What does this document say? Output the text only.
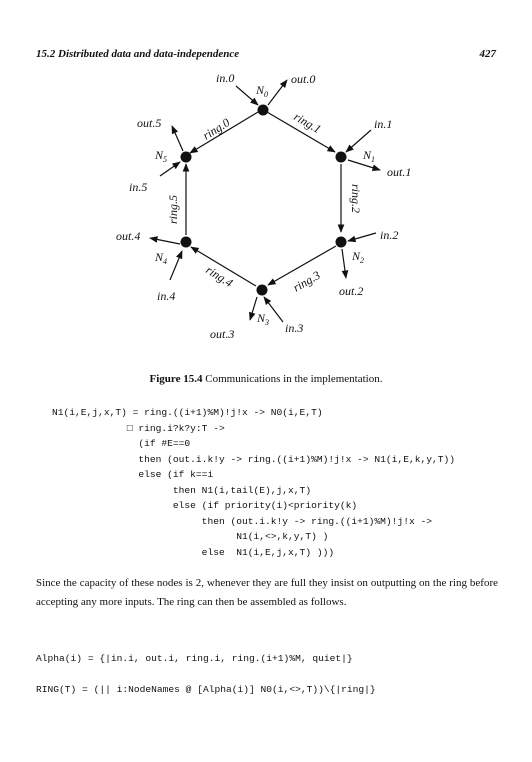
15.2 Distributed data and data-independence	427
$N_0$
$N_1$
$N_2$
$N_3$
$N_4$
$N_5$
ring.0	ring.1
ring.2
ring.3
ring.4
ring.5
in.0	out.0
in.1
out.1
in.2
out.2
in.3
out.3
in.4
out.4
in.5
out.5
Figure 15.4 Communications in the implementation.
N1(i,E,j,x,T) = ring.((i+1)%M)!j!x -> N0(i,E,T)
□ ring.i?k?y:T ->
(if #E==0
then (out.i.k!y -> ring.((i+1)%M)!j!x -> N1(i,E,k,y,T))
else (if k==i
then N1(i,tail(E),j,x,T)
else (if priority(i)<priority(k)
then (out.i.k!y -> ring.((i+1)%M)!j!x ->
N1(i,<>,k,y,T) )
else  N1(i,E,j,x,T) )))

Since the capacity of these nodes is 2, whenever they are full they insist on outputting on the ring before accepting any more inputs. The ring can then be assembled as follows.

Alpha(i) = {|in.i, out.i, ring.i, ring.(i+1)%M, quiet|}
RING(T) = (|| i:NodeNames @ [Alpha(i)] N0(i,<>,T))\{|ring|}
